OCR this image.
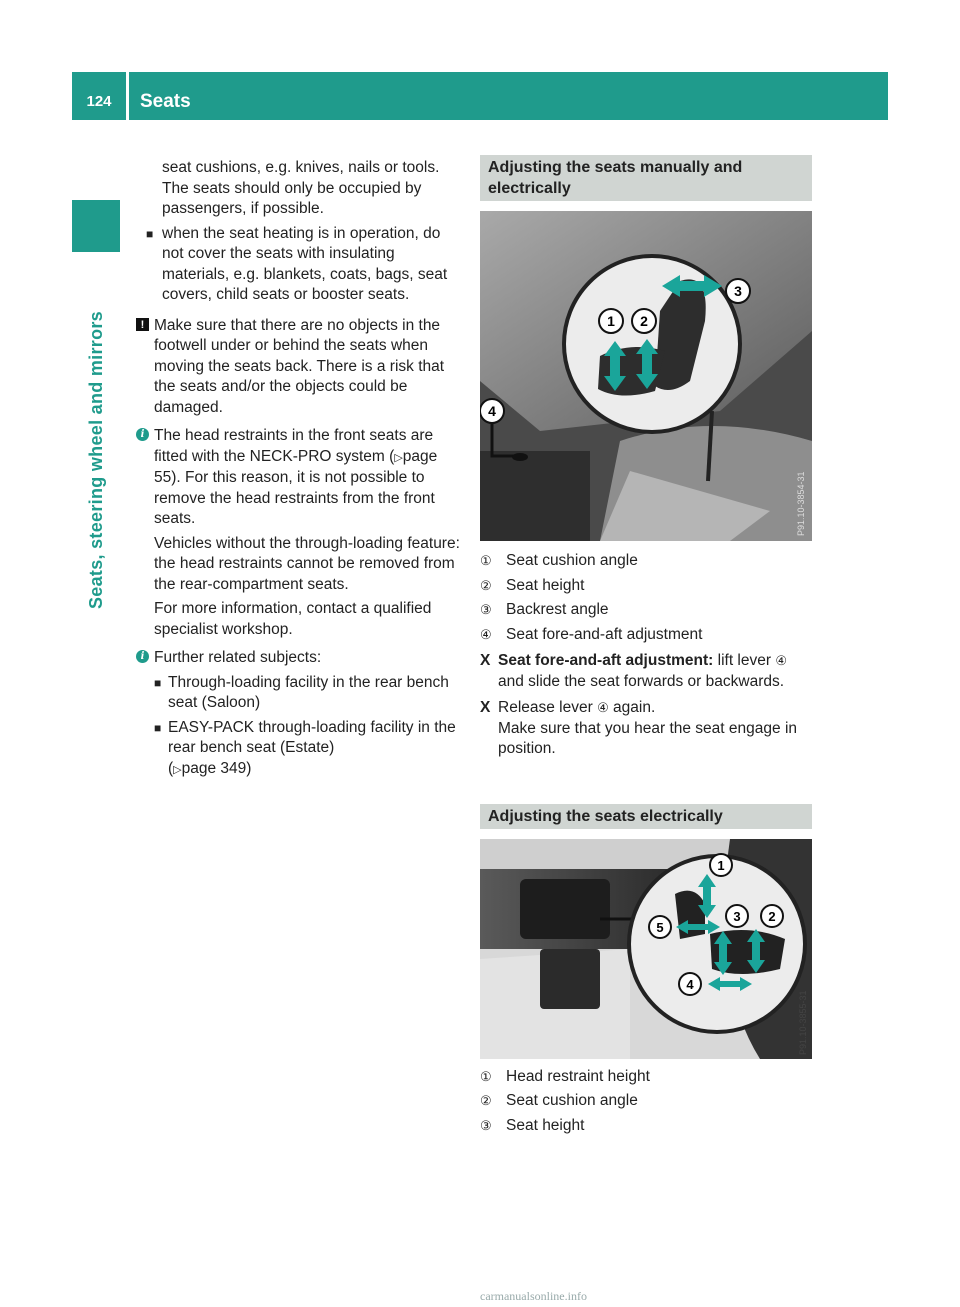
124	Seats
Seats, steering wheel and mirrors
seat cushions, e.g. knives, nails or tools.
The seats should only be occupied by
passengers, if possible.
■ when the seat heating is in operation, do not cover the seats with insulating materials, e.g. blankets, coats, bags, seat covers, child seats or booster seats.
! Make sure that there are no objects in the footwell under or behind the seats when moving the seats back. There is a risk that the seats and/or the objects could be damaged.
i The head restraints in the front seats are fitted with the NECK-PRO system (▷page 55). For this reason, it is not possible to remove the head restraints from the front seats.

Vehicles without the through-loading feature: the head restraints cannot be removed from the rear-compartment seats.

For more information, contact a qualified specialist workshop.

i Further related subjects:

■ Through-loading facility in the rear bench seat (Saloon)
■ EASY-PACK through-loading facility in the rear bench seat (Estate)
(▷page 349)
Adjusting the seats manually and electrically
1 2
3
4
P91.10-3854-31
① Seat cushion angle
② Seat height
③ Backrest angle
④ Seat fore-and-aft adjustment
X Seat fore-and-aft adjustment: lift lever ④ and slide the seat forwards or backwards.
X Release lever ④ again.
Make sure that you hear the seat engage in position.
Adjusting the seats electrically
1
2
3
4
5
P91.10-3855-31
① Head restraint height
② Seat cushion angle
③ Seat height
carmanualsonline.info
